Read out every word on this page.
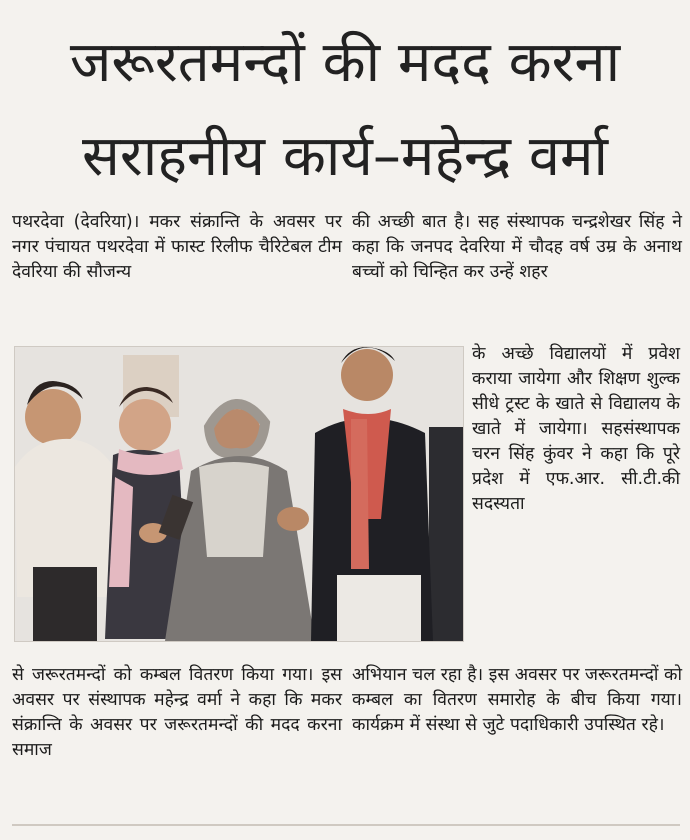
जरूरतमन्दों की मदद करना
सराहनीय कार्य–महेन्द्र वर्मा

पथरदेवा (देवरिया)। मकर संक्रान्ति के अवसर पर नगर पंचायत पथरदेवा में फास्ट रिलीफ चैरिटेबल टीम देवरिया की सौजन्य

की अच्छी बात है। सह संस्थापक चन्द्रशेखर सिंह ने कहा कि जनपद देवरिया में चौदह वर्ष उम्र के अनाथ बच्चों को चिन्हित कर उन्हें शहर

के अच्छे विद्यालयों में प्रवेश कराया जायेगा और शिक्षण शुल्क सीधे ट्रस्ट के खाते से विद्यालय के खाते में जायेगा। सहसंस्थापक चरन सिंह कुंवर ने कहा कि पूरे प्रदेश में एफ.आर. सी.टी.की सदस्यता

से जरूरतमन्दों को कम्बल वितरण किया गया। इस अवसर पर संस्थापक महेन्द्र वर्मा ने कहा कि मकर संक्रान्ति के अवसर पर जरूरतमन्दों की मदद करना समाज

अभियान चल रहा है। इस अवसर पर जरूरतमन्दों को कम्बल का वितरण समारोह के बीच किया गया। कार्यक्रम में संस्था से जुटे पदाधिकारी उपस्थित रहे।
